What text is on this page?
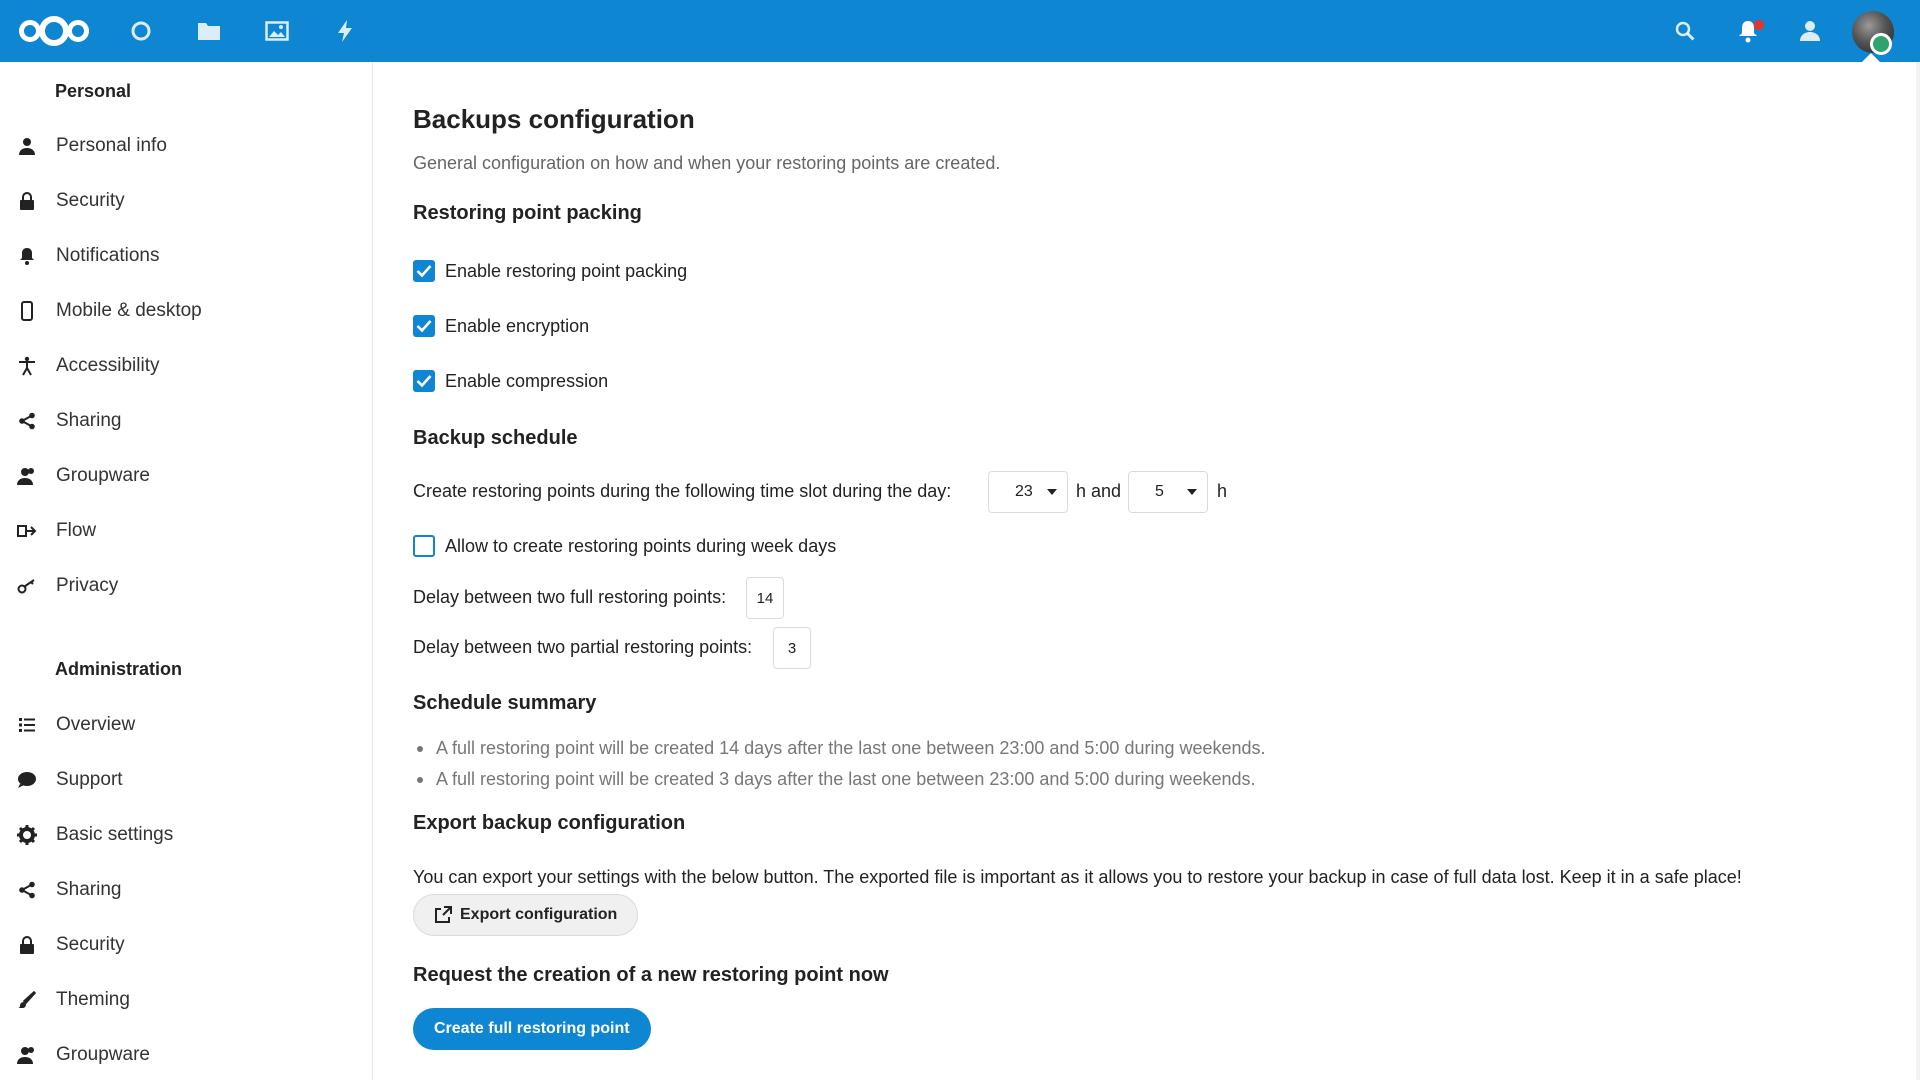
Personal
Personal info
Security
Notifications
Mobile & desktop
Accessibility
Sharing
Groupware
Flow
Privacy
Administration
Overview
Support
Basic settings
Sharing
Security
Theming
Groupware
Backups configuration
General configuration on how and when your restoring points are created.
Restoring point packing
Enable restoring point packing
Enable encryption
Enable compression
Backup schedule
Create restoring points during the following time slot during the day:	23 h and 5	h
Allow to create restoring points during week days
Delay between two full restoring points:	14
Delay between two partial restoring points:	3
Schedule summary
A full restoring point will be created 14 days after the last one between 23:00 and 5:00 during weekends.
A full restoring point will be created 3 days after the last one between 23:00 and 5:00 during weekends.
Export backup configuration
You can export your settings with the below button. The exported file is important as it allows you to restore your backup in case of full data lost. Keep it in a safe place!
Export configuration
Request the creation of a new restoring point now
Create full restoring point
